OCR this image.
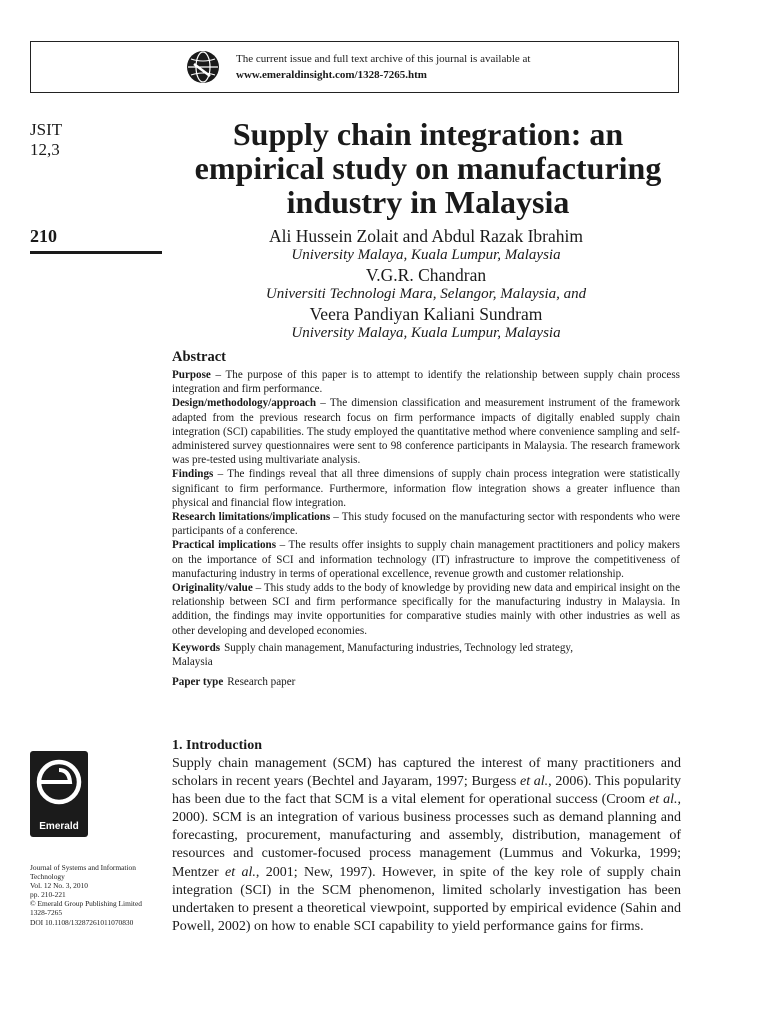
The current issue and full text archive of this journal is available at
www.emeraldinsight.com/1328-7265.htm
JSIT
12,3
210
Supply chain integration: an
empirical study on manufacturing
industry in Malaysia
Ali Hussein Zolait and Abdul Razak Ibrahim
University Malaya, Kuala Lumpur, Malaysia
V.G.R. Chandran
Universiti Technologi Mara, Selangor, Malaysia, and
Veera Pandiyan Kaliani Sundram
University Malaya, Kuala Lumpur, Malaysia
Abstract

Purpose – The purpose of this paper is to attempt to identify the relationship between supply chain process integration and firm performance.

Design/methodology/approach – The dimension classification and measurement instrument of the framework adapted from the previous research focus on firm performance impacts of digitally enabled supply chain integration (SCI) capabilities. The study employed the quantitative method where convenience sampling and self-administered survey questionnaires were sent to 98 conference participants in Malaysia. The research framework was pre-tested using multivariate analysis.

Findings – The findings reveal that all three dimensions of supply chain process integration were statistically significant to firm performance. Furthermore, information flow integration shows a greater influence than physical and financial flow integration.

Research limitations/implications – This study focused on the manufacturing sector with respondents who were participants of a conference.

Practical implications – The results offer insights to supply chain management practitioners and policy makers on the importance of SCI and information technology (IT) infrastructure to improve the competitiveness of manufacturing industry in terms of operational excellence, revenue growth and customer relationship.

Originality/value – This study adds to the body of knowledge by providing new data and empirical insight on the relationship between SCI and firm performance specifically for the manufacturing industry in Malaysia. In addition, the findings may invite opportunities for comparative studies mainly with other industries as well as other developing and developed economies.

Keywords Supply chain management, Manufacturing industries, Technology led strategy,
Malaysia

Paper type Research paper

Emerald
Journal of Systems and Information
Technology
Vol. 12 No. 3, 2010
pp. 210-221
© Emerald Group Publishing Limited
1328-7265
DOI 10.1108/13287261011070830
1. Introduction

Supply chain management (SCM) has captured the interest of many practitioners and scholars in recent years (Bechtel and Jayaram, 1997; Burgess et al., 2006). This popularity has been due to the fact that SCM is a vital element for operational success (Croom et al., 2000). SCM is an integration of various business processes such as demand planning and forecasting, procurement, manufacturing and assembly, distribution, management of resources and customer-focused process management (Lummus and Vokurka, 1999; Mentzer et al., 2001; New, 1997). However, in spite of the key role of supply chain integration (SCI) in the SCM phenomenon, limited scholarly investigation has been undertaken to present a theoretical viewpoint, supported by empirical evidence (Sahin and Powell, 2002) on how to enable SCI capability to yield performance gains for firms.
